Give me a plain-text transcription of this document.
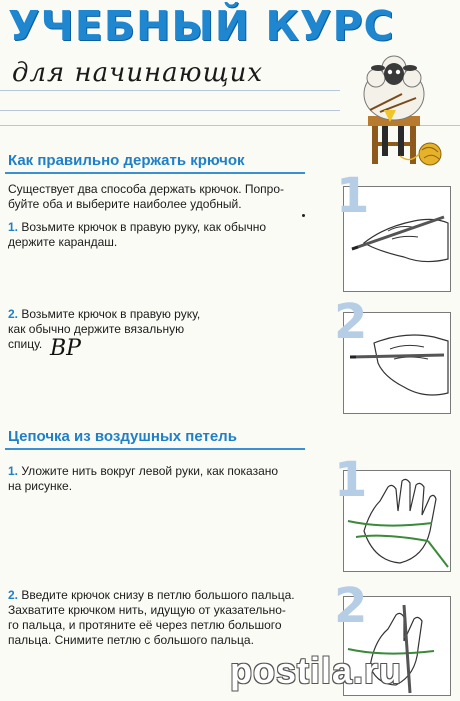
УЧЕБНЫЙ КУРС
для начинающих
Как правильно держать крючок
Существует два способа держать крючок. Попро-
буйте оба и выберите наиболее удобный.
1. Возьмите крючок в правую руку, как обычно
держите карандаш.
2. Возьмите крючок в правую руку,
как обычно держите вязальную
спицу. ВР
1
2
Цепочка из воздушных петель
1. Уложите нить вокруг левой руки, как показано
на рисунке.
2. Введите крючок снизу в петлю большого пальца.
Захватите крючком нить, идущую от указательно-
го пальца, и протяните её через петлю большого
пальца. Снимите петлю с большого пальца.
1
2
postila.ru
